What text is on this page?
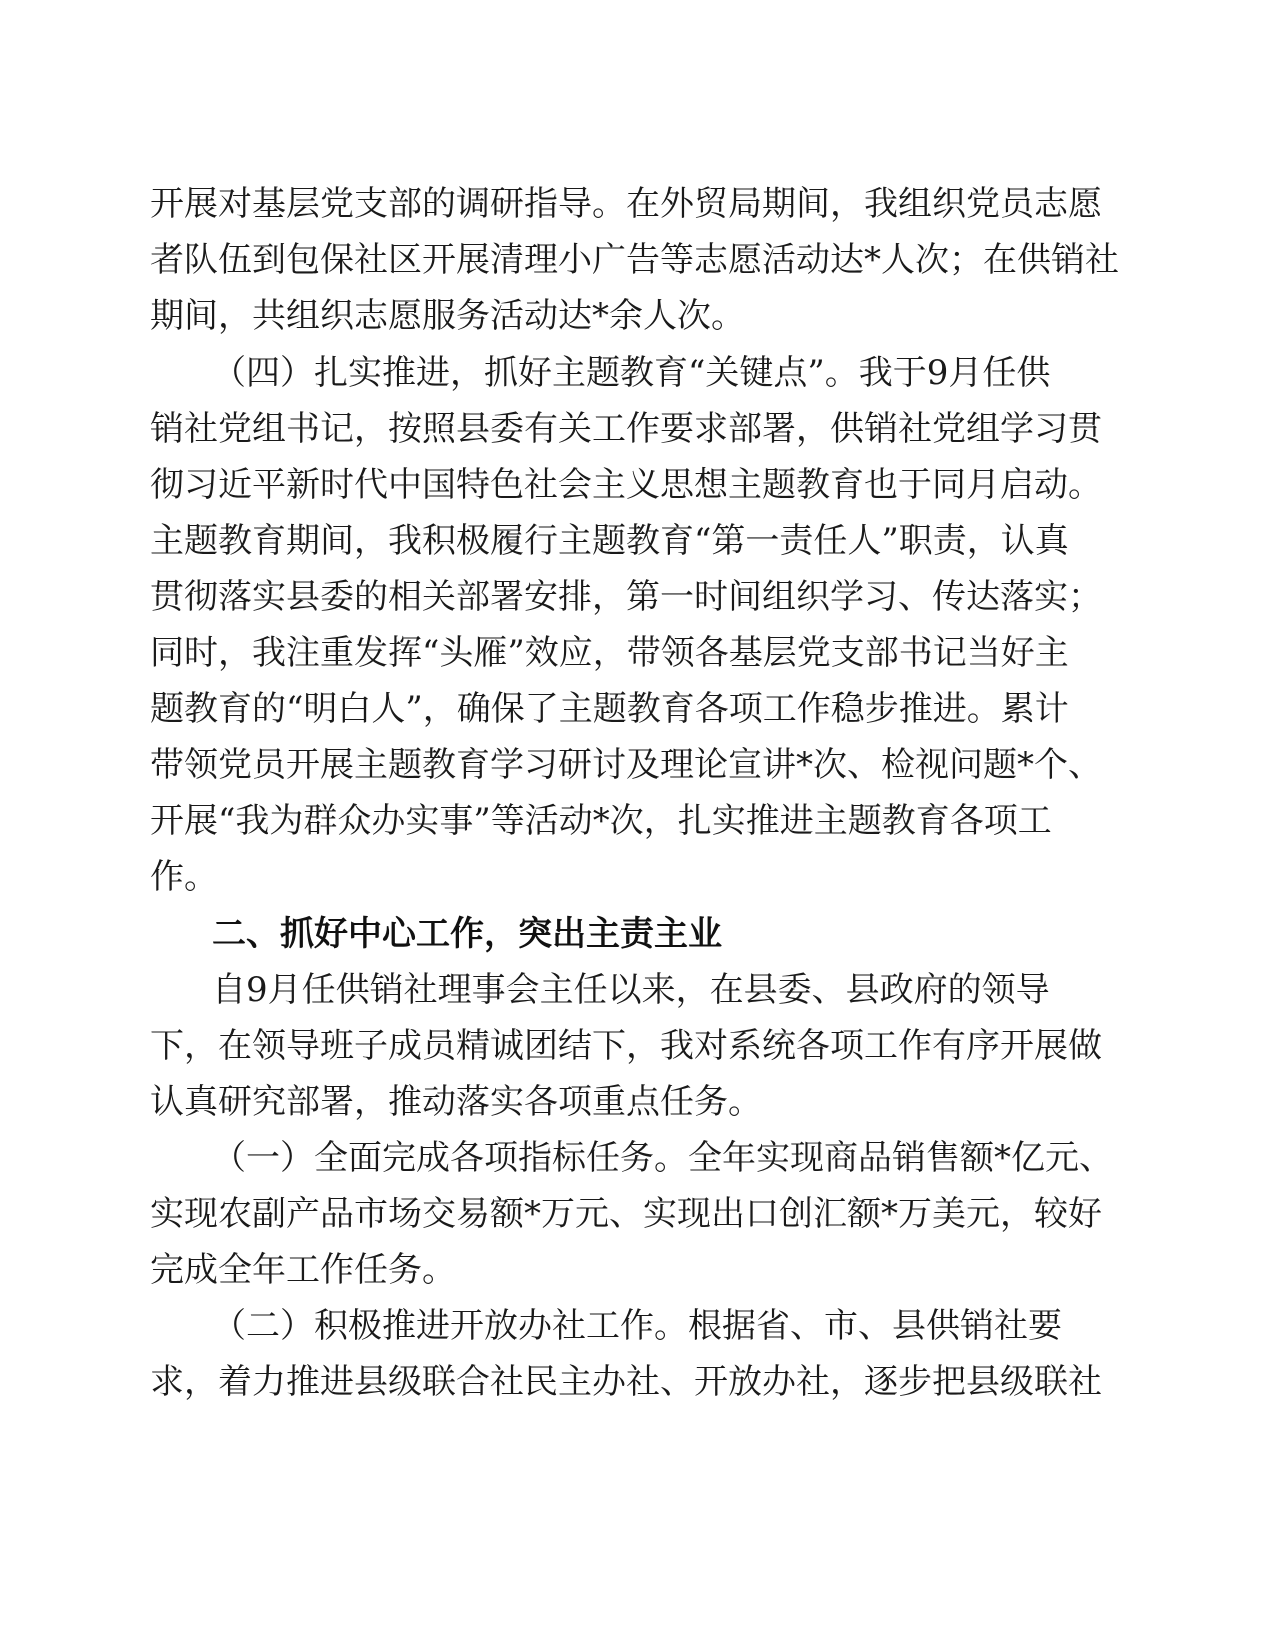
开展对基层党支部的调研指导。在外贸局期间，我组织党员志愿
者队伍到包保社区开展清理小广告等志愿活动达*人次；在供销社
期间，共组织志愿服务活动达*余人次。
（四）扎实推进，抓好主题教育“关键点”。我于9月任供
销社党组书记，按照县委有关工作要求部署，供销社党组学习贯
彻习近平新时代中国特色社会主义思想主题教育也于同月启动。
主题教育期间，我积极履行主题教育“第一责任人”职责，认真
贯彻落实县委的相关部署安排，第一时间组织学习、传达落实；
同时，我注重发挥“头雁”效应，带领各基层党支部书记当好主
题教育的“明白人”，确保了主题教育各项工作稳步推进。累计
带领党员开展主题教育学习研讨及理论宣讲*次、检视问题*个、
开展“我为群众办实事”等活动*次，扎实推进主题教育各项工
作。
二、抓好中心工作，突出主责主业
自9月任供销社理事会主任以来，在县委、县政府的领导
下，在领导班子成员精诚团结下，我对系统各项工作有序开展做
认真研究部署，推动落实各项重点任务。
（一）全面完成各项指标任务。全年实现商品销售额*亿元、
实现农副产品市场交易额*万元、实现出口创汇额*万美元，较好
完成全年工作任务。
（二）积极推进开放办社工作。根据省、市、县供销社要
求，着力推进县级联合社民主办社、开放办社，逐步把县级联社
